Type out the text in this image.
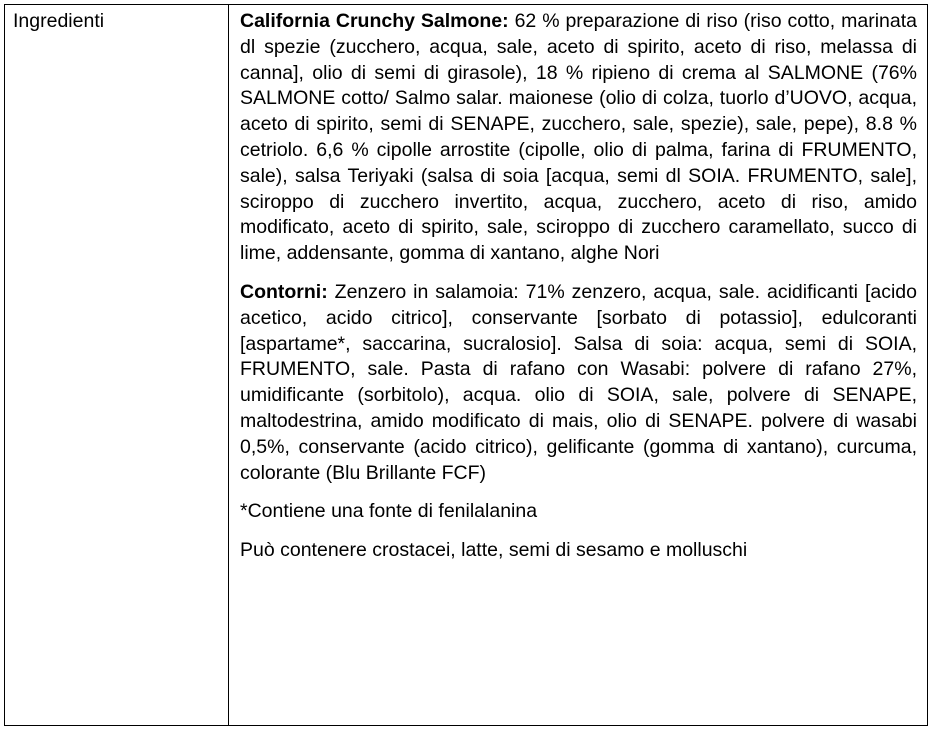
Ingredienti	California Crunchy Salmone: 62 % preparazione di riso (riso cotto, marinata dl spezie (zucchero, acqua, sale, aceto di spirito, aceto di riso, melassa di canna], olio di semi di girasole), 18 % ripieno di crema al SALMONE (76% SALMONE cotto/ Salmo salar. maionese (olio di colza, tuorlo d’UOVO, acqua, aceto di spirito, semi di SENAPE, zucchero, sale, spezie), sale, pepe), 8.8 % cetriolo. 6,6 % cipolle arrostite (cipolle, olio di palma, farina di FRUMENTO, sale), salsa Teriyaki (salsa di soia [acqua, semi dl SOIA. FRUMENTO, sale], sciroppo di zucchero invertito, acqua, zucchero, aceto di riso, amido modificato, aceto di spirito, sale, sciroppo di zucchero caramellato, succo di lime, addensante, gomma di xantano, alghe Nori

Contorni: Zenzero in salamoia: 71% zenzero, acqua, sale. acidificanti [acido acetico, acido citrico], conservante [sorbato di potassio], edulcoranti [aspartame*, saccarina, sucralosio]. Salsa di soia: acqua, semi di SOIA, FRUMENTO, sale. Pasta di rafano con Wasabi: polvere di rafano 27%, umidificante (sorbitolo), acqua. olio di SOIA, sale, polvere di SENAPE, maltodestrina, amido modificato di mais, olio di SENAPE. polvere di wasabi 0,5%, conservante (acido citrico), gelificante (gomma di xantano), curcuma, colorante (Blu Brillante FCF)

*Contiene una fonte di fenilalanina

Può contenere crostacei, latte, semi di sesamo e molluschi
